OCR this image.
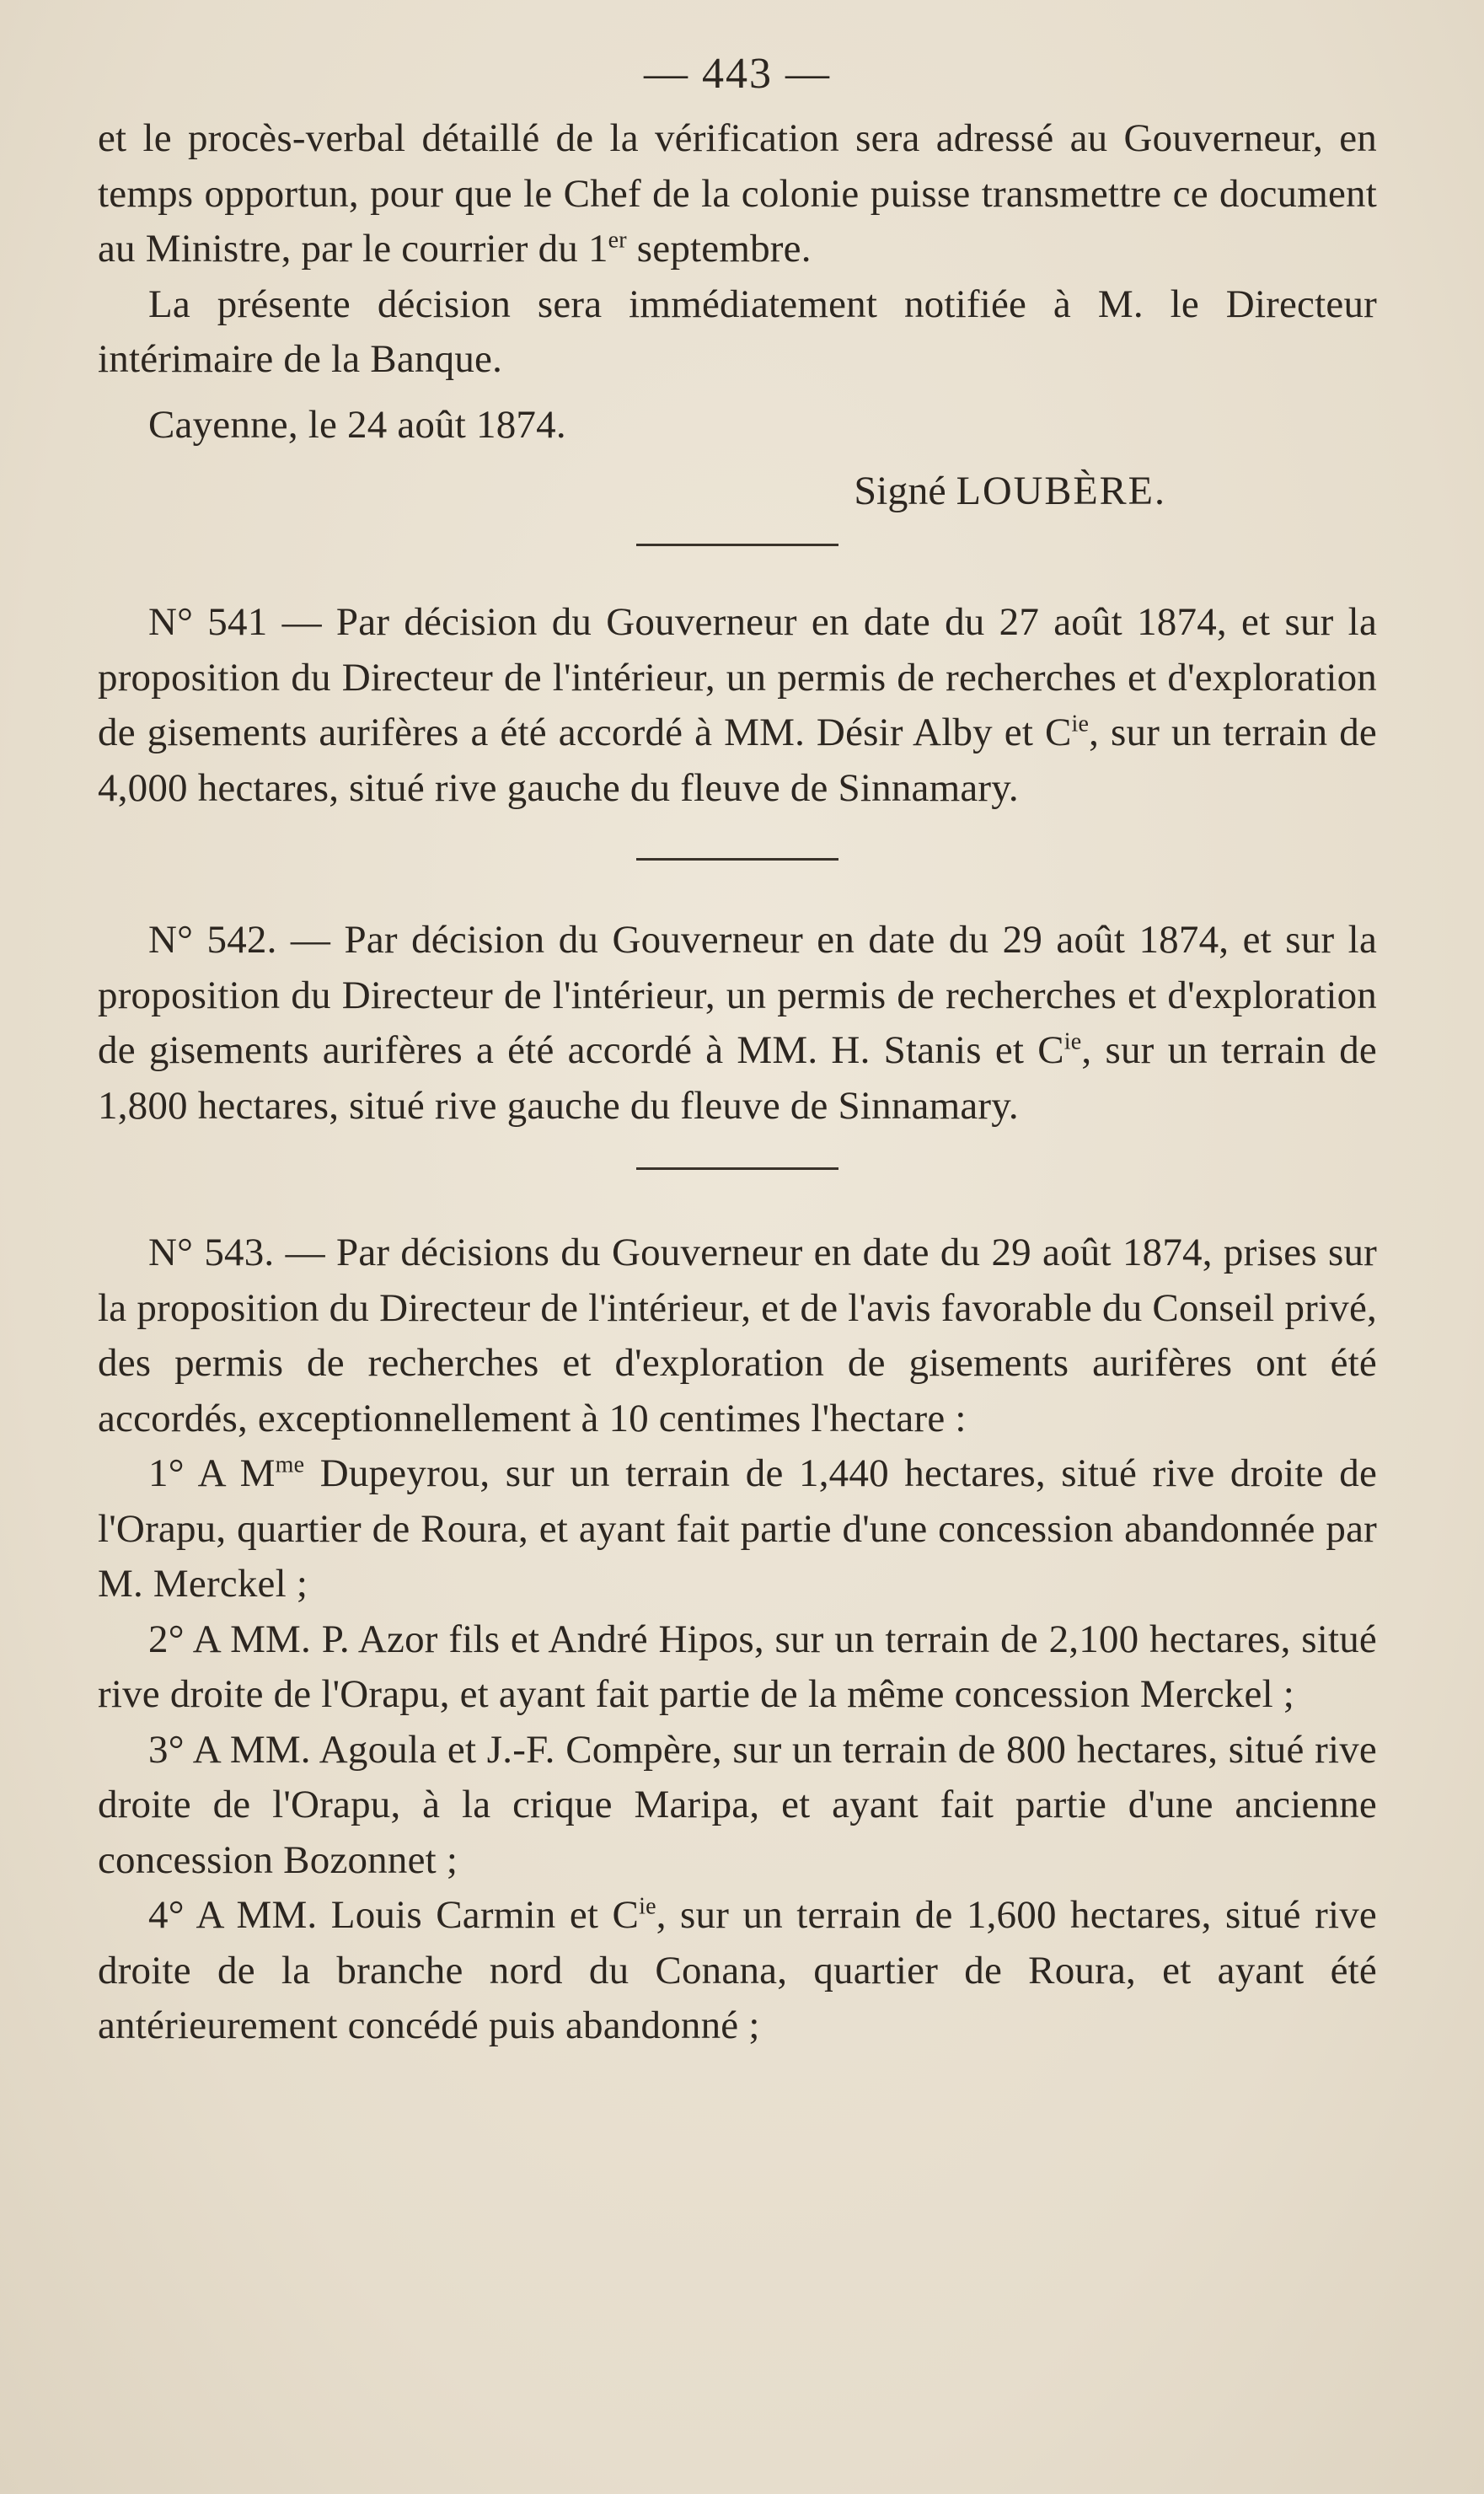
— 443 —

et le procès-verbal détaillé de la vérification sera adressé au Gouverneur, en temps opportun, pour que le Chef de la colonie puisse transmettre ce document au Ministre, par le courrier du 1er septembre.

La présente décision sera immédiatement notifiée à M. le Directeur intérimaire de la Banque.

Cayenne, le 24 août 1874.

Signé LOUBÈRE.

N° 541 — Par décision du Gouverneur en date du 27 août 1874, et sur la proposition du Directeur de l'intérieur, un permis de recherches et d'exploration de gisements aurifères a été accordé à MM. Désir Alby et $C^{ie}$, sur un terrain de 4,000 hectares, situé rive gauche du fleuve de Sinnamary.

N° 542. — Par décision du Gouverneur en date du 29 août 1874, et sur la proposition du Directeur de l'intérieur, un permis de recherches et d'exploration de gisements aurifères a été accordé à MM. H. Stanis et $C^{ie}$, sur un terrain de 1,800 hectares, situé rive gauche du fleuve de Sinnamary.

N° 543. — Par décisions du Gouverneur en date du 29 août 1874, prises sur la proposition du Directeur de l'intérieur, et de l'avis favorable du Conseil privé, des permis de recherches et d'exploration de gisements aurifères ont été accordés, exceptionnellement à 10 centimes l'hectare :

1° A $M^{me}$ Dupeyrou, sur un terrain de 1,440 hectares, situé rive droite de l'Orapu, quartier de Roura, et ayant fait partie d'une concession abandonnée par M. Merckel ;

2° A MM. P. Azor fils et André Hipos, sur un terrain de 2,100 hectares, situé rive droite de l'Orapu, et ayant fait partie de la même concession Merckel ;

3° A MM. Agoula et J.-F. Compère, sur un terrain de 800 hectares, situé rive droite de l'Orapu, à la crique Maripa, et ayant fait partie d'une ancienne concession Bozonnet ;

4° A MM. Louis Carmin et $C^{ie}$, sur un terrain de 1,600 hectares, situé rive droite de la branche nord du Conana, quartier de Roura, et ayant été antérieurement concédé puis abandonné ;
